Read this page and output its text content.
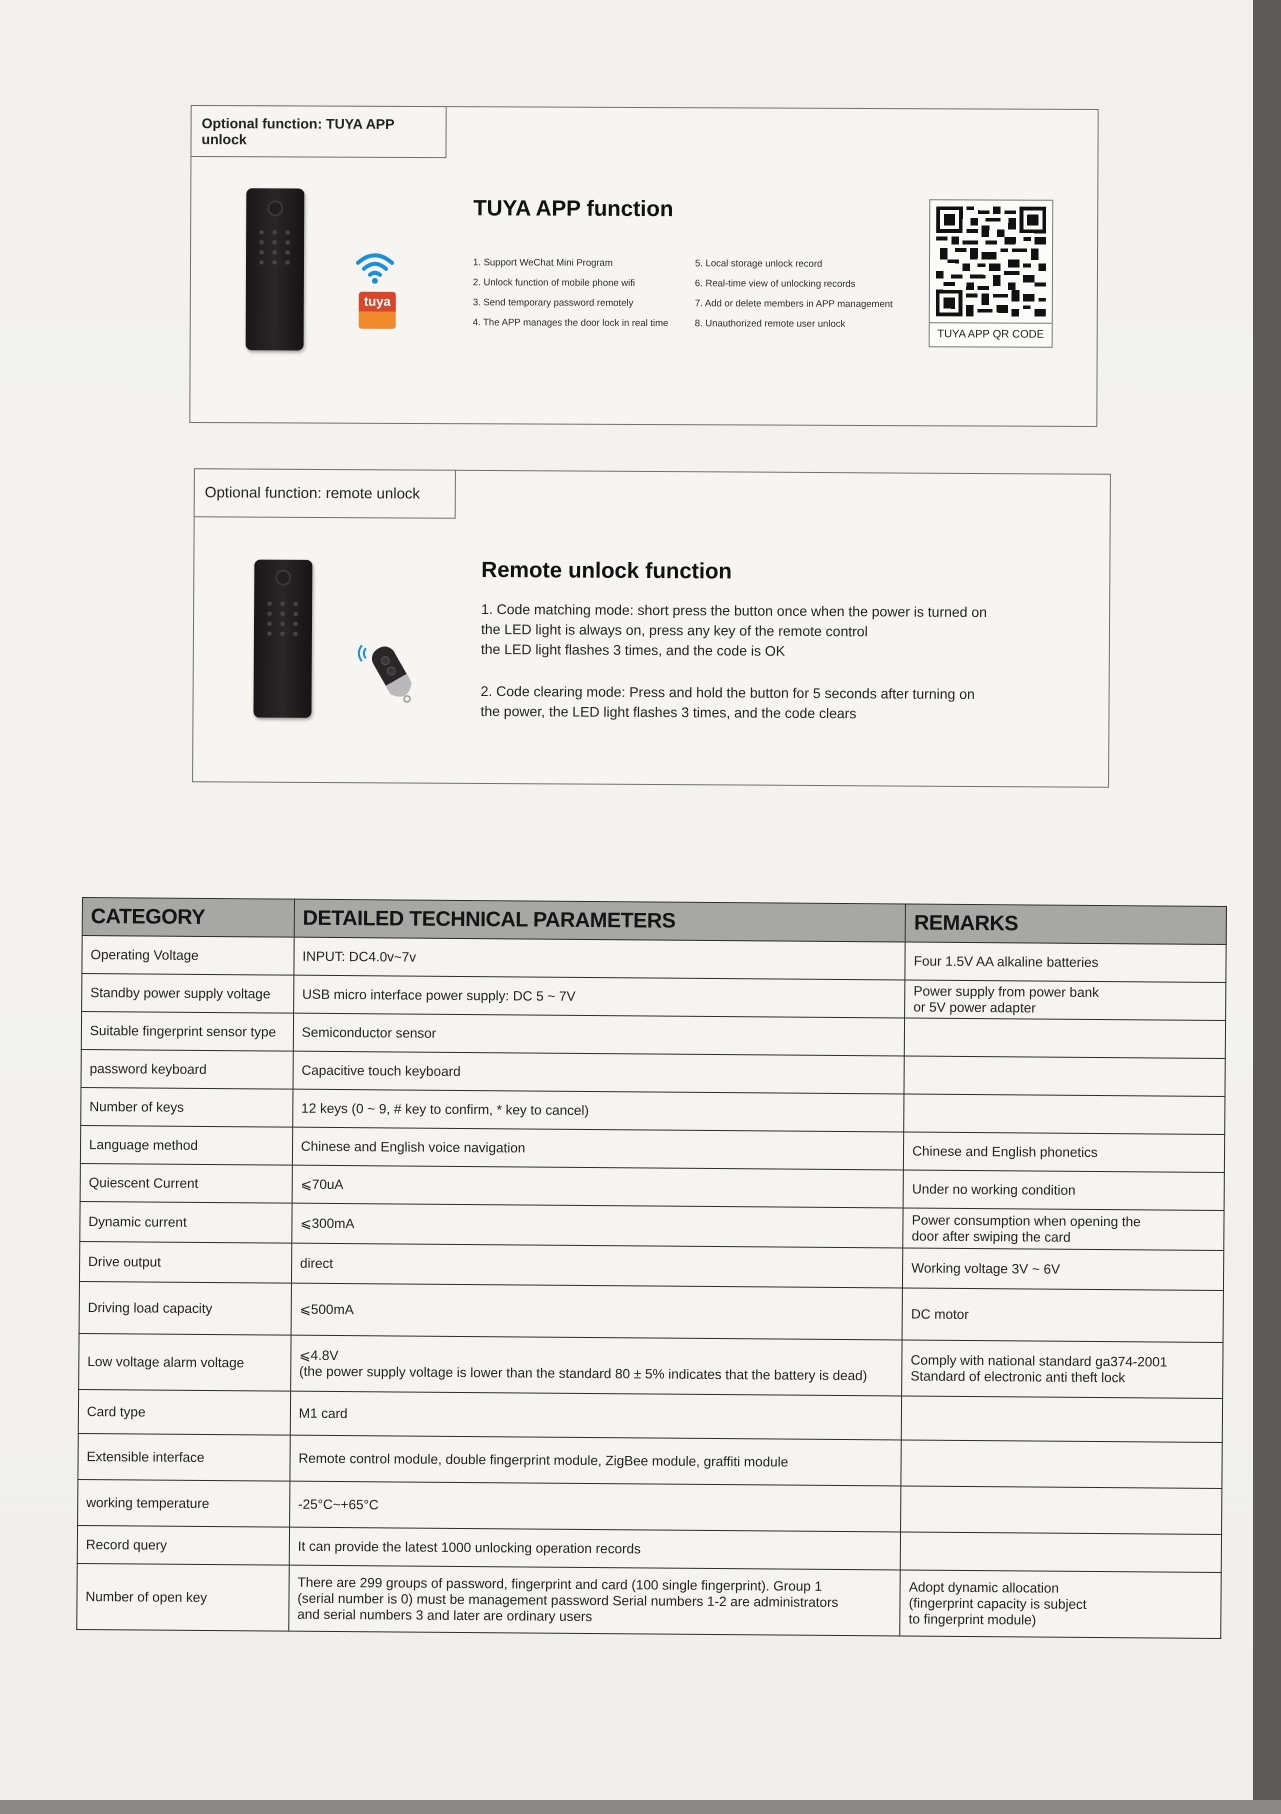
Optional function: TUYA APP unlock
tuya
TUYA APP function
1. Support WeChat Mini Program	5. Local storage unlock record
2. Unlock function of mobile phone wifi	6. Real-time view of unlocking records
3. Send temporary password remotely	7. Add or delete members in APP management
4. The APP manages the door lock in real time	8. Unauthorized remote user unlock
TUYA APP QR CODE
Optional function: remote unlock
Remote unlock function

1. Code matching mode: short press the button once when the power is turned on

the LED light is always on, press any key of the remote control

the LED light flashes 3 times, and the code is OK

2. Code clearing mode: Press and hold the button for 5 seconds after turning on

the power, the LED light flashes 3 times, and the code clears

CATEGORY	DETAILED TECHNICAL PARAMETERS	REMARKS
Operating Voltage	INPUT: DC4.0v~7v	Four 1.5V AA alkaline batteries
Standby power supply voltage	USB micro interface power supply: DC 5 ~ 7V	Power supply from power bank
or 5V power adapter
Suitable fingerprint sensor type	Semiconductor sensor	
password keyboard	Capacitive touch keyboard	
Number of keys	12 keys (0 ~ 9, # key to confirm, * key to cancel)	
Language method	Chinese and English voice navigation	Chinese and English phonetics
Quiescent Current	⩽70uA	Under no working condition
Dynamic current	⩽300mA	Power consumption when opening the
door after swiping the card
Drive output	direct	Working voltage 3V ~ 6V
Driving load capacity	⩽500mA	DC motor
Low voltage alarm voltage	⩽4.8V
(the power supply voltage is lower than the standard 80 ± 5% indicates that the battery is dead)	Comply with national standard ga374-2001
Standard of electronic anti theft lock
Card type	M1 card	
Extensible interface	Remote control module, double fingerprint module, ZigBee module, graffiti module	
working temperature	-25°C~+65°C	
Record query	It can provide the latest 1000 unlocking operation records	
Number of open key	There are 299 groups of password, fingerprint and card (100 single fingerprint). Group 1
(serial number is 0) must be management password Serial numbers 1-2 are administrators
and serial numbers 3 and later are ordinary users	Adopt dynamic allocation
(fingerprint capacity is subject
to fingerprint module)
